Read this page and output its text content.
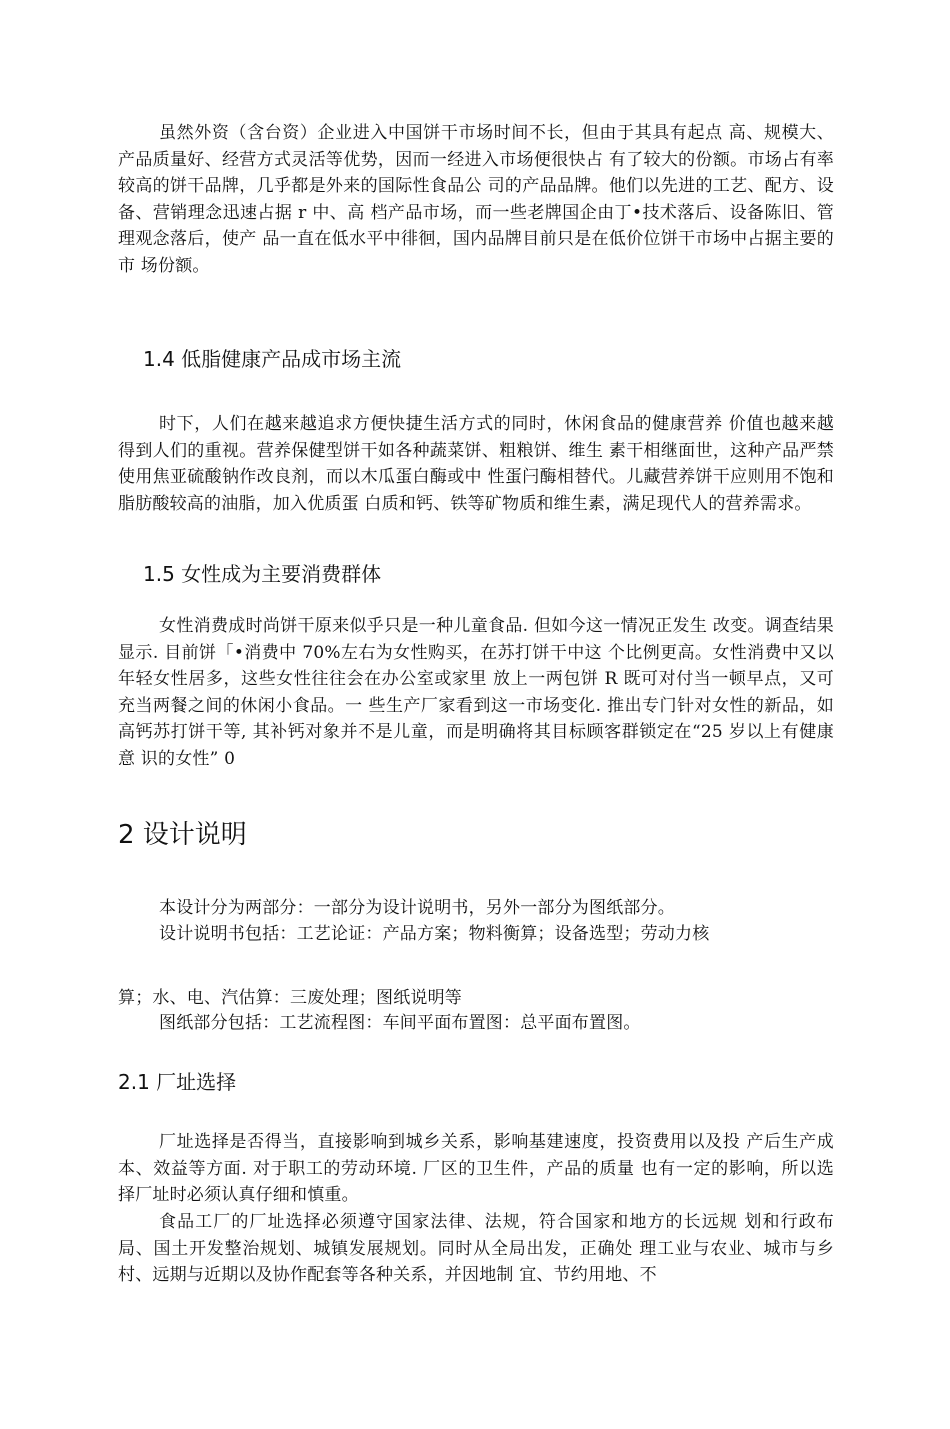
虽然外资（含台资）企业进入中国饼干市场时间不长，但由于其具有起点 高、规模大、产品质量好、经营方式灵活等优势，因而一经进入市场便很快占 有了较大的份额。市场占有率较高的饼干品牌，几乎都是外来的国际性食品公 司的产品品牌。他们以先进的工艺、配方、设备、营销理念迅速占据 r 中、高 档产品市场，而一些老牌国企由丁•技术落后、设备陈旧、管理观念落后，使产 品一直在低水平中徘徊，国内品牌目前只是在低价位饼干市场中占据主要的市 场份额。

1.4 低脂健康产品成市场主流

时下，人们在越来越追求方便快捷生活方式的同时，休闲食品的健康营养 价值也越来越得到人们的重视。营养保健型饼干如各种蔬菜饼、粗粮饼、维生 素干相继面世，这种产品严禁使用焦亚硫酸钠作改良剂，而以木瓜蛋白酶或中 性蛋闩酶相替代。儿藏营养饼干应则用不饱和脂肪酸较高的油脂，加入优质蛋 白质和钙、铁等矿物质和维生素，满足现代人的营养需求。

1.5 女性成为主要消费群体

女性消费成时尚饼干原来似乎只是一种儿童食品. 但如今这一情况正发生 改变。调查结果显示. 目前饼「•消费中 70%左右为女性购买，在苏打饼干中这 个比例更高。女性消费中又以年轻女性居多，这些女性往往会在办公室或家里 放上一两包饼 R 既可对付当一顿早点，又可充当两餐之间的休闲小食品。一 些生产厂家看到这一市场变化. 推出专门针对女性的新品，如高钙苏打饼干等, 其补钙对象并不是儿童，而是明确将其目标顾客群锁定在“25 岁以上有健康意 识的女性” 0

2 设计说明

本设计分为两部分：一部分为设计说明书，另外一部分为图纸部分。

设计说明书包括：工艺论证：产品方案；物料衡算；设备选型；劳动力核

算；水、电、汽估算：三废处理；图纸说明等

图纸部分包括：工艺流程图：车间平面布置图：总平面布置图。

2.1 厂址选择

厂址选择是否得当，直接影响到城乡关系，影响基建速度，投资费用以及投 产后生产成本、效益等方面. 对于职工的劳动环境. 厂区的卫生件，产品的质量 也有一定的影响，所以选择厂址时必须认真仔细和慎重。

食品工厂的厂址选择必须遵守国家法律、法规，符合国家和地方的长远规 划和行政布局、国土开发整治规划、城镇发展规划。同时从全局出发，正确处 理工业与农业、城市与乡村、远期与近期以及协作配套等各种关系，并因地制 宜、节约用地、不
